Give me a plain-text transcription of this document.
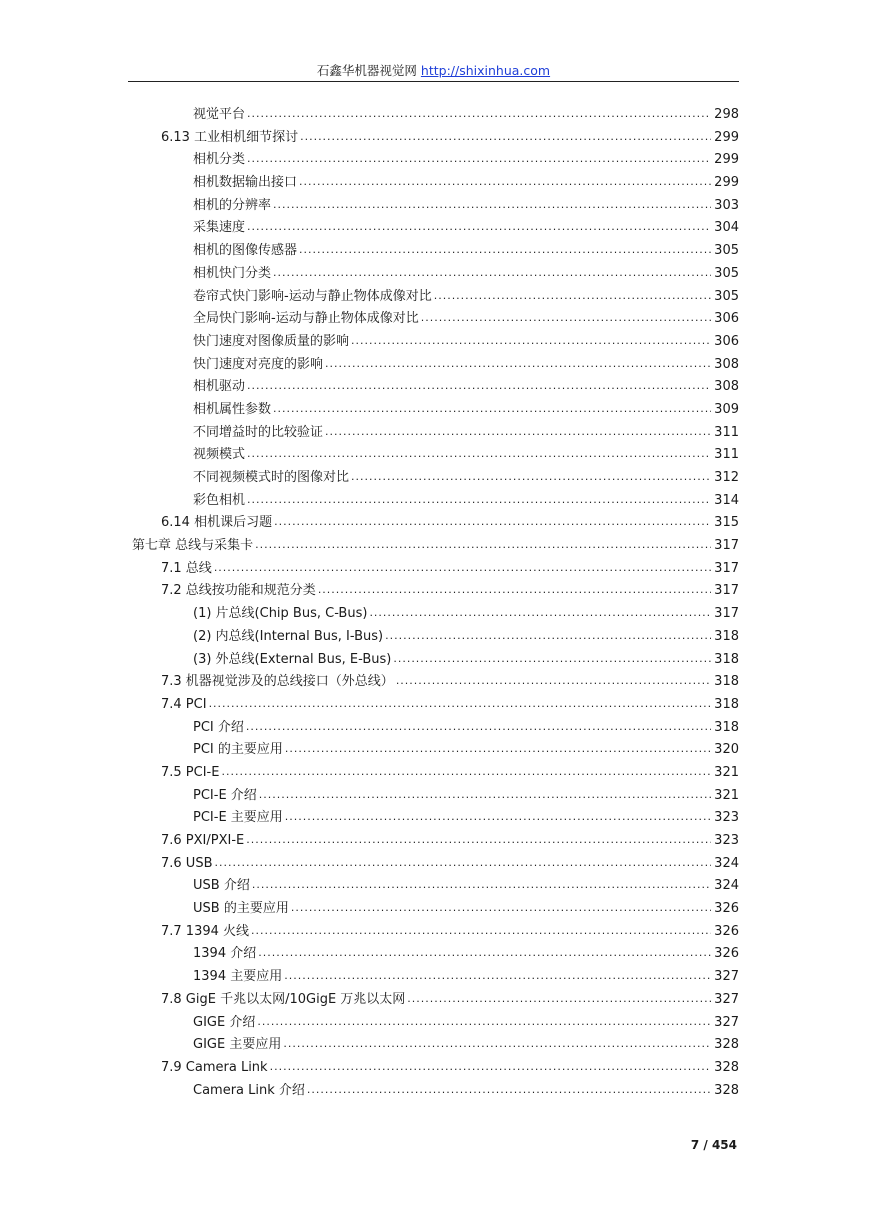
石鑫华机器视觉网 http://shixinhua.com
视觉平台 .....	298
6.13 工业相机细节探讨 .....	299
相机分类 .....	299
相机数据输出接口 .....	299
相机的分辨率 .....	303
采集速度 .....	304
相机的图像传感器 .....	305
相机快门分类 .....	305
卷帘式快门影响-运动与静止物体成像对比 .....	305
全局快门影响-运动与静止物体成像对比 .....	306
快门速度对图像质量的影响 .....	306
快门速度对亮度的影响 .....	308
相机驱动 .....	308
相机属性参数 .....	309
不同增益时的比较验证 .....	311
视频模式 .....	311
不同视频模式时的图像对比 .....	312
彩色相机 .....	314
6.14 相机课后习题 .....	315
第七章 总线与采集卡 .....	317
7.1 总线 .....	317
7.2 总线按功能和规范分类 .....	317
(1) 片总线(Chip Bus, C-Bus) .....	317
(2) 内总线(Internal Bus, I-Bus) .....	318
(3) 外总线(External Bus, E-Bus) .....	318
7.3 机器视觉涉及的总线接口（外总线） .....	318
7.4 PCI .....	318
PCI 介绍 .....	318
PCI 的主要应用 .....	320
7.5 PCI-E .....	321
PCI-E 介绍 .....	321
PCI-E 主要应用 .....	323
7.6 PXI/PXI-E .....	323
7.6 USB .....	324
USB 介绍 .....	324
USB 的主要应用 .....	326
7.7 1394 火线 .....	326
1394 介绍 .....	326
1394 主要应用 .....	327
7.8 GigE 千兆以太网/10GigE 万兆以太网 .....	327
GIGE 介绍 .....	327
GIGE 主要应用 .....	328
7.9 Camera Link .....	328
Camera Link 介绍 .....	328
7 / 454
